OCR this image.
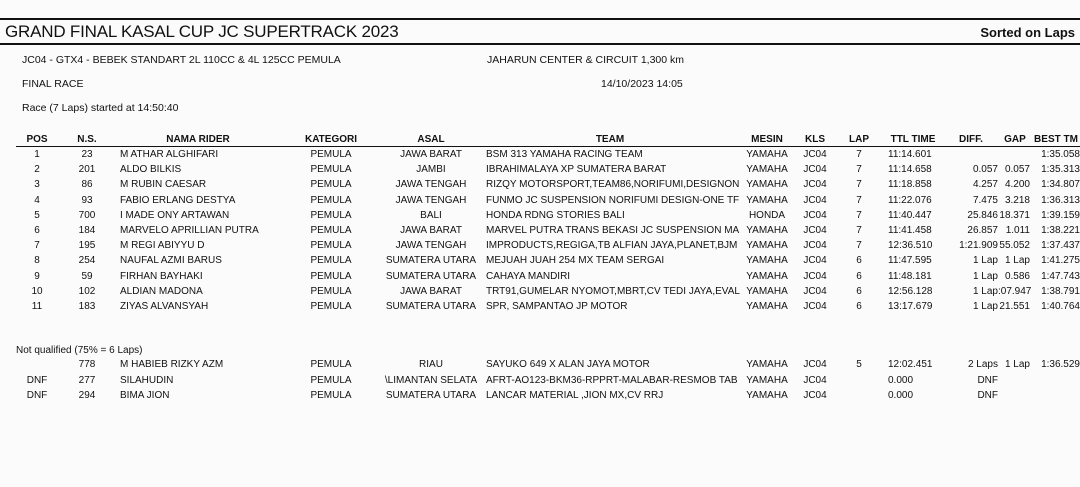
GRAND FINAL KASAL CUP JC SUPERTRACK 2023	Sorted on Laps
JC04 - GTX4 - BEBEK STANDART 2L 110CC & 4L 125CC PEMULA	JAHARUN CENTER & CIRCUIT 1,300 km
FINAL RACE	14/10/2023 14:05
Race (7 Laps) started at 14:50:40
	POS	N.S.	NAMA RIDER	KATEGORI	ASAL	TEAM	MESIN	KLS	LAP	TTL TIME	DIFF.	GAP	BEST TM
	1	23	M ATHAR ALGHIFARI	PEMULA	JAWA BARAT	BSM 313 YAMAHA RACING TEAM	YAMAHA	JC04	7	11:14.601			1:35.058
	2	201	ALDO BILKIS	PEMULA	JAMBI	IBRAHIMALAYA XP SUMATERA BARAT	YAMAHA	JC04	7	11:14.658	0.057	0.057	1:35.313
	3	86	M RUBIN CAESAR	PEMULA	JAWA TENGAH	RIZQY MOTORSPORT,TEAM86,NORIFUMI,DESIGNON	YAMAHA	JC04	7	11:18.858	4.257	4.200	1:34.807
	4	93	FABIO ERLANG DESTYA	PEMULA	JAWA TENGAH	FUNMO JC SUSPENSION NORIFUMI DESIGN-ONE TF	YAMAHA	JC04	7	11:22.076	7.475	3.218	1:36.313
	5	700	I MADE ONY ARTAWAN	PEMULA	BALI	HONDA RDNG STORIES BALI	HONDA	JC04	7	11:40.447	25.846	18.371	1:39.159
	6	184	MARVELO APRILLIAN PUTRA	PEMULA	JAWA BARAT	MARVEL PUTRA TRANS BEKASI JC SUSPENSION MA	YAMAHA	JC04	7	11:41.458	26.857	1.011	1:38.221
	7	195	M REGI ABIYYU D	PEMULA	JAWA TENGAH	IMPRODUCTS,REGIGA,TB ALFIAN JAYA,PLANET,BJM	YAMAHA	JC04	7	12:36.510	1:21.909	55.052	1:37.437
	8	254	NAUFAL AZMI BARUS	PEMULA	SUMATERA UTARA	MEJUAH JUAH 254 MX TEAM SERGAI	YAMAHA	JC04	6	11:47.595	1 Lap	1 Lap	1:41.275
	9	59	FIRHAN BAYHAKI	PEMULA	SUMATERA UTARA	CAHAYA MANDIRI	YAMAHA	JC04	6	11:48.181	1 Lap	0.586	1:47.743
	10	102	ALDIAN MADONA	PEMULA	JAWA BARAT	TRT91,GUMELAR NYOMOT,MBRT,CV TEDI JAYA,EVAL	YAMAHA	JC04	6	12:56.128	1 Lap	:07.947	1:38.791
	11	183	ZIYAS ALVANSYAH	PEMULA	SUMATERA UTARA	SPR, SAMPANTAO JP MOTOR	YAMAHA	JC04	6	13:17.679	1 Lap	21.551	1:40.764
Not qualified (75% = 6 Laps)
		778	M HABIEB RIZKY AZM	PEMULA	RIAU	SAYUKO 649 X ALAN JAYA MOTOR	YAMAHA	JC04	5	12:02.451	2 Laps	1 Lap	1:36.529
	DNF	277	SILAHUDIN	PEMULA	\LIMANTAN SELATA	AFRT-AO123-BKM36-RPPRT-MALABAR-RESMOB TAB	YAMAHA	JC04		0.000	DNF		
	DNF	294	BIMA JION	PEMULA	SUMATERA UTARA	LANCAR MATERIAL ,JION MX,CV RRJ	YAMAHA	JC04		0.000	DNF		
